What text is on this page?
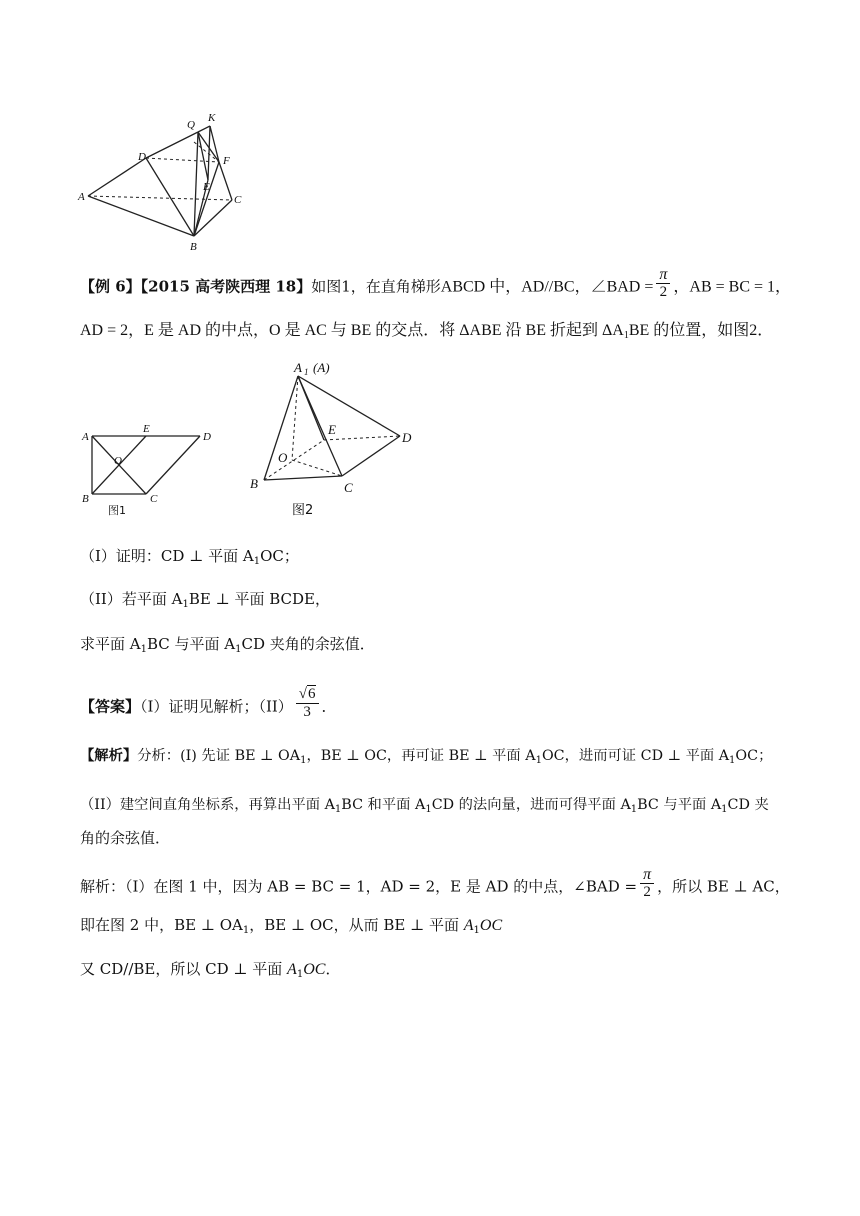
Q
K
D	F
E
A	C
B
【例 6】【2015 高考陕西理 18】如图1，在直角梯形ABCD 中，AD//BC，∠BAD = $\frac{\pi}{2}$ ，AB = BC = 1，
AD = 2，E 是 AD 的中点，O 是 AC 与 BE 的交点．将 ΔABE 沿 BE 折起到 $\Delta A_1BE$ 的位置，如图2．
A
E
D
O
B	C
图1
A 1 (A)
E
D
O
B	C
图2
（I）证明：CD ⊥ 平面 $A_1OC$；
（II）若平面 $A_1BE$ ⊥ 平面 BCDE，
求平面 $A_1BC$ 与平面 $A_1CD$ 夹角的余弦值．
【答案】（I）证明见解析；$(II) \frac{√6}{3}$ ．
【解析】分析：(I) 先证 BE ⊥ $OA_1$，BE ⊥ OC，再可证 BE ⊥ 平面 $A_1OC$，进而可证 CD ⊥ 平面 $A_1OC$；
（II）建空间直角坐标系，再算出平面 $A_1BC$ 和平面 $A_1CD$ 的法向量，进而可得平面 $A_1BC$ 与平面 $A_1CD$ 夹
角的余弦值．
解析：（I）在图 1 中，因为 AB = BC = 1，AD = 2，E 是 AD 的中点，∠BAD = $\frac{\pi}{2}$ ，所以 BE ⊥ AC，
即在图 2 中，BE ⊥ $OA_1$，BE ⊥ OC，从而 BE ⊥ 平面 $A_1OC$
又 CD//BE，所以 CD ⊥ 平面 $A_1OC$．
